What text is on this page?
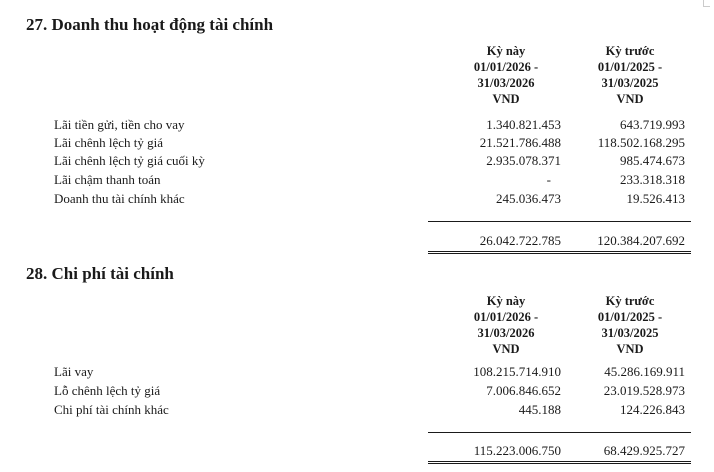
27. Doanh thu hoạt động tài chính
Kỳ này
01/01/2026 -
31/03/2026
VND
Kỳ trước
01/01/2025 -
31/03/2025
VND
Lãi tiền gửi, tiền cho vay	1.340.821.453	643.719.993
Lãi chênh lệch tỷ giá	21.521.786.488	118.502.168.295
Lãi chênh lệch tỷ giá cuối kỳ	2.935.078.371	985.474.673
Lãi chậm thanh toán	-	233.318.318
Doanh thu tài chính khác	245.036.473	19.526.413
26.042.722.785	120.384.207.692
28. Chi phí tài chính
Kỳ này
01/01/2026 -
31/03/2026
VND
Kỳ trước
01/01/2025 -
31/03/2025
VND
Lãi vay	108.215.714.910	45.286.169.911
Lỗ chênh lệch tỷ giá	7.006.846.652	23.019.528.973
Chi phí tài chính khác	445.188	124.226.843
115.223.006.750	68.429.925.727
